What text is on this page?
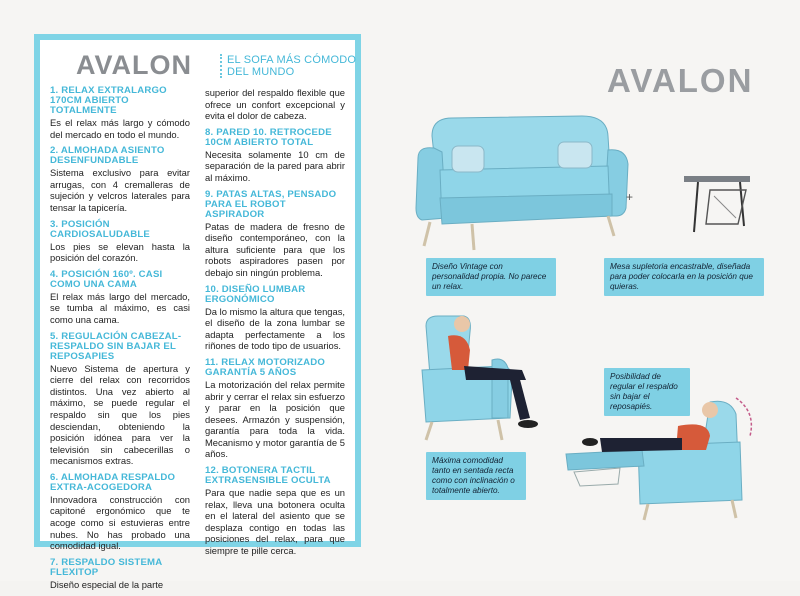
AVALON	EL SOFA MÁS CÓMODO DEL MUNDO
1. RELAX EXTRALARGO 170CM ABIERTO TOTALMENTE
Es el relax más largo y cómodo del mercado en todo el mundo.
2. ALMOHADA ASIENTO DESENFUNDABLE
Sistema exclusivo para evitar arrugas, con 4 cremalleras de sujeción y velcros laterales para tensar la tapicería.
3. POSICIÓN CARDIOSALUDABLE
Los pies se elevan hasta la posición del corazón.
4. POSICIÓN 160º. CASI COMO UNA CAMA
El relax más largo del mercado, se tumba al máximo, es casi como una cama.
5. REGULACIÓN CABEZAL-RESPALDO SIN BAJAR EL REPOSAPIES
Nuevo Sistema de apertura y cierre del relax con recorridos distintos. Una vez abierto al máximo, se puede regular el respaldo sin que los pies desciendan, obteniendo la posición idónea para ver la televisión sin cabecerillas o mecanismos extras.
6. ALMOHADA RESPALDO EXTRA-ACOGEDORA
Innovadora construcción con capitoné ergonómico que te acoge como si estuvieras entre nubes. No has probado una comodidad igual.
7. RESPALDO SISTEMA FLEXITOP
Diseño especial de la parte
superior del respaldo flexible que ofrece un confort excepcional y evita el dolor de cabeza.
8. PARED 10. RETROCEDE 10CM ABIERTO TOTAL
Necesita solamente 10 cm de separación de la pared para abrir al máximo.
9. PATAS ALTAS, PENSADO PARA EL ROBOT ASPIRADOR
Patas de madera de fresno de diseño contemporáneo, con la altura suficiente para que los robots aspiradores pasen por debajo sin ningún problema.
10. DISEÑO LUMBAR ERGONÓMICO
Da lo mismo la altura que tengas, el diseño de la zona lumbar se adapta perfectamente a los riñones de todo tipo de usuarios.
11. RELAX MOTORIZADO GARANTÍA 5 AÑOS
La motorización del relax permite abrir y cerrar el relax sin esfuerzo y parar en la posición que desees. Armazón y suspensión, garantía para toda la vida. Mecanismo y motor garantía de 5 años.
12. BOTONERA TACTIL EXTRASENSIBLE OCULTA
Para que nadie sepa que es un relax, lleva una botonera oculta en el lateral del asiento que se desplaza contigo en todas las posiciones del relax, para que siempre te pille cerca.
AVALON
+
Diseño Vintage con personalidad propia. No parece un relax.
Mesa supletoria encastrable, diseñada para poder colocarla en la posición que quieras.
Posibilidad de regular el respaldo sin bajar el reposapiés.
Máxima comodidad tanto en sentada recta como con inclinación o totalmente abierto.
